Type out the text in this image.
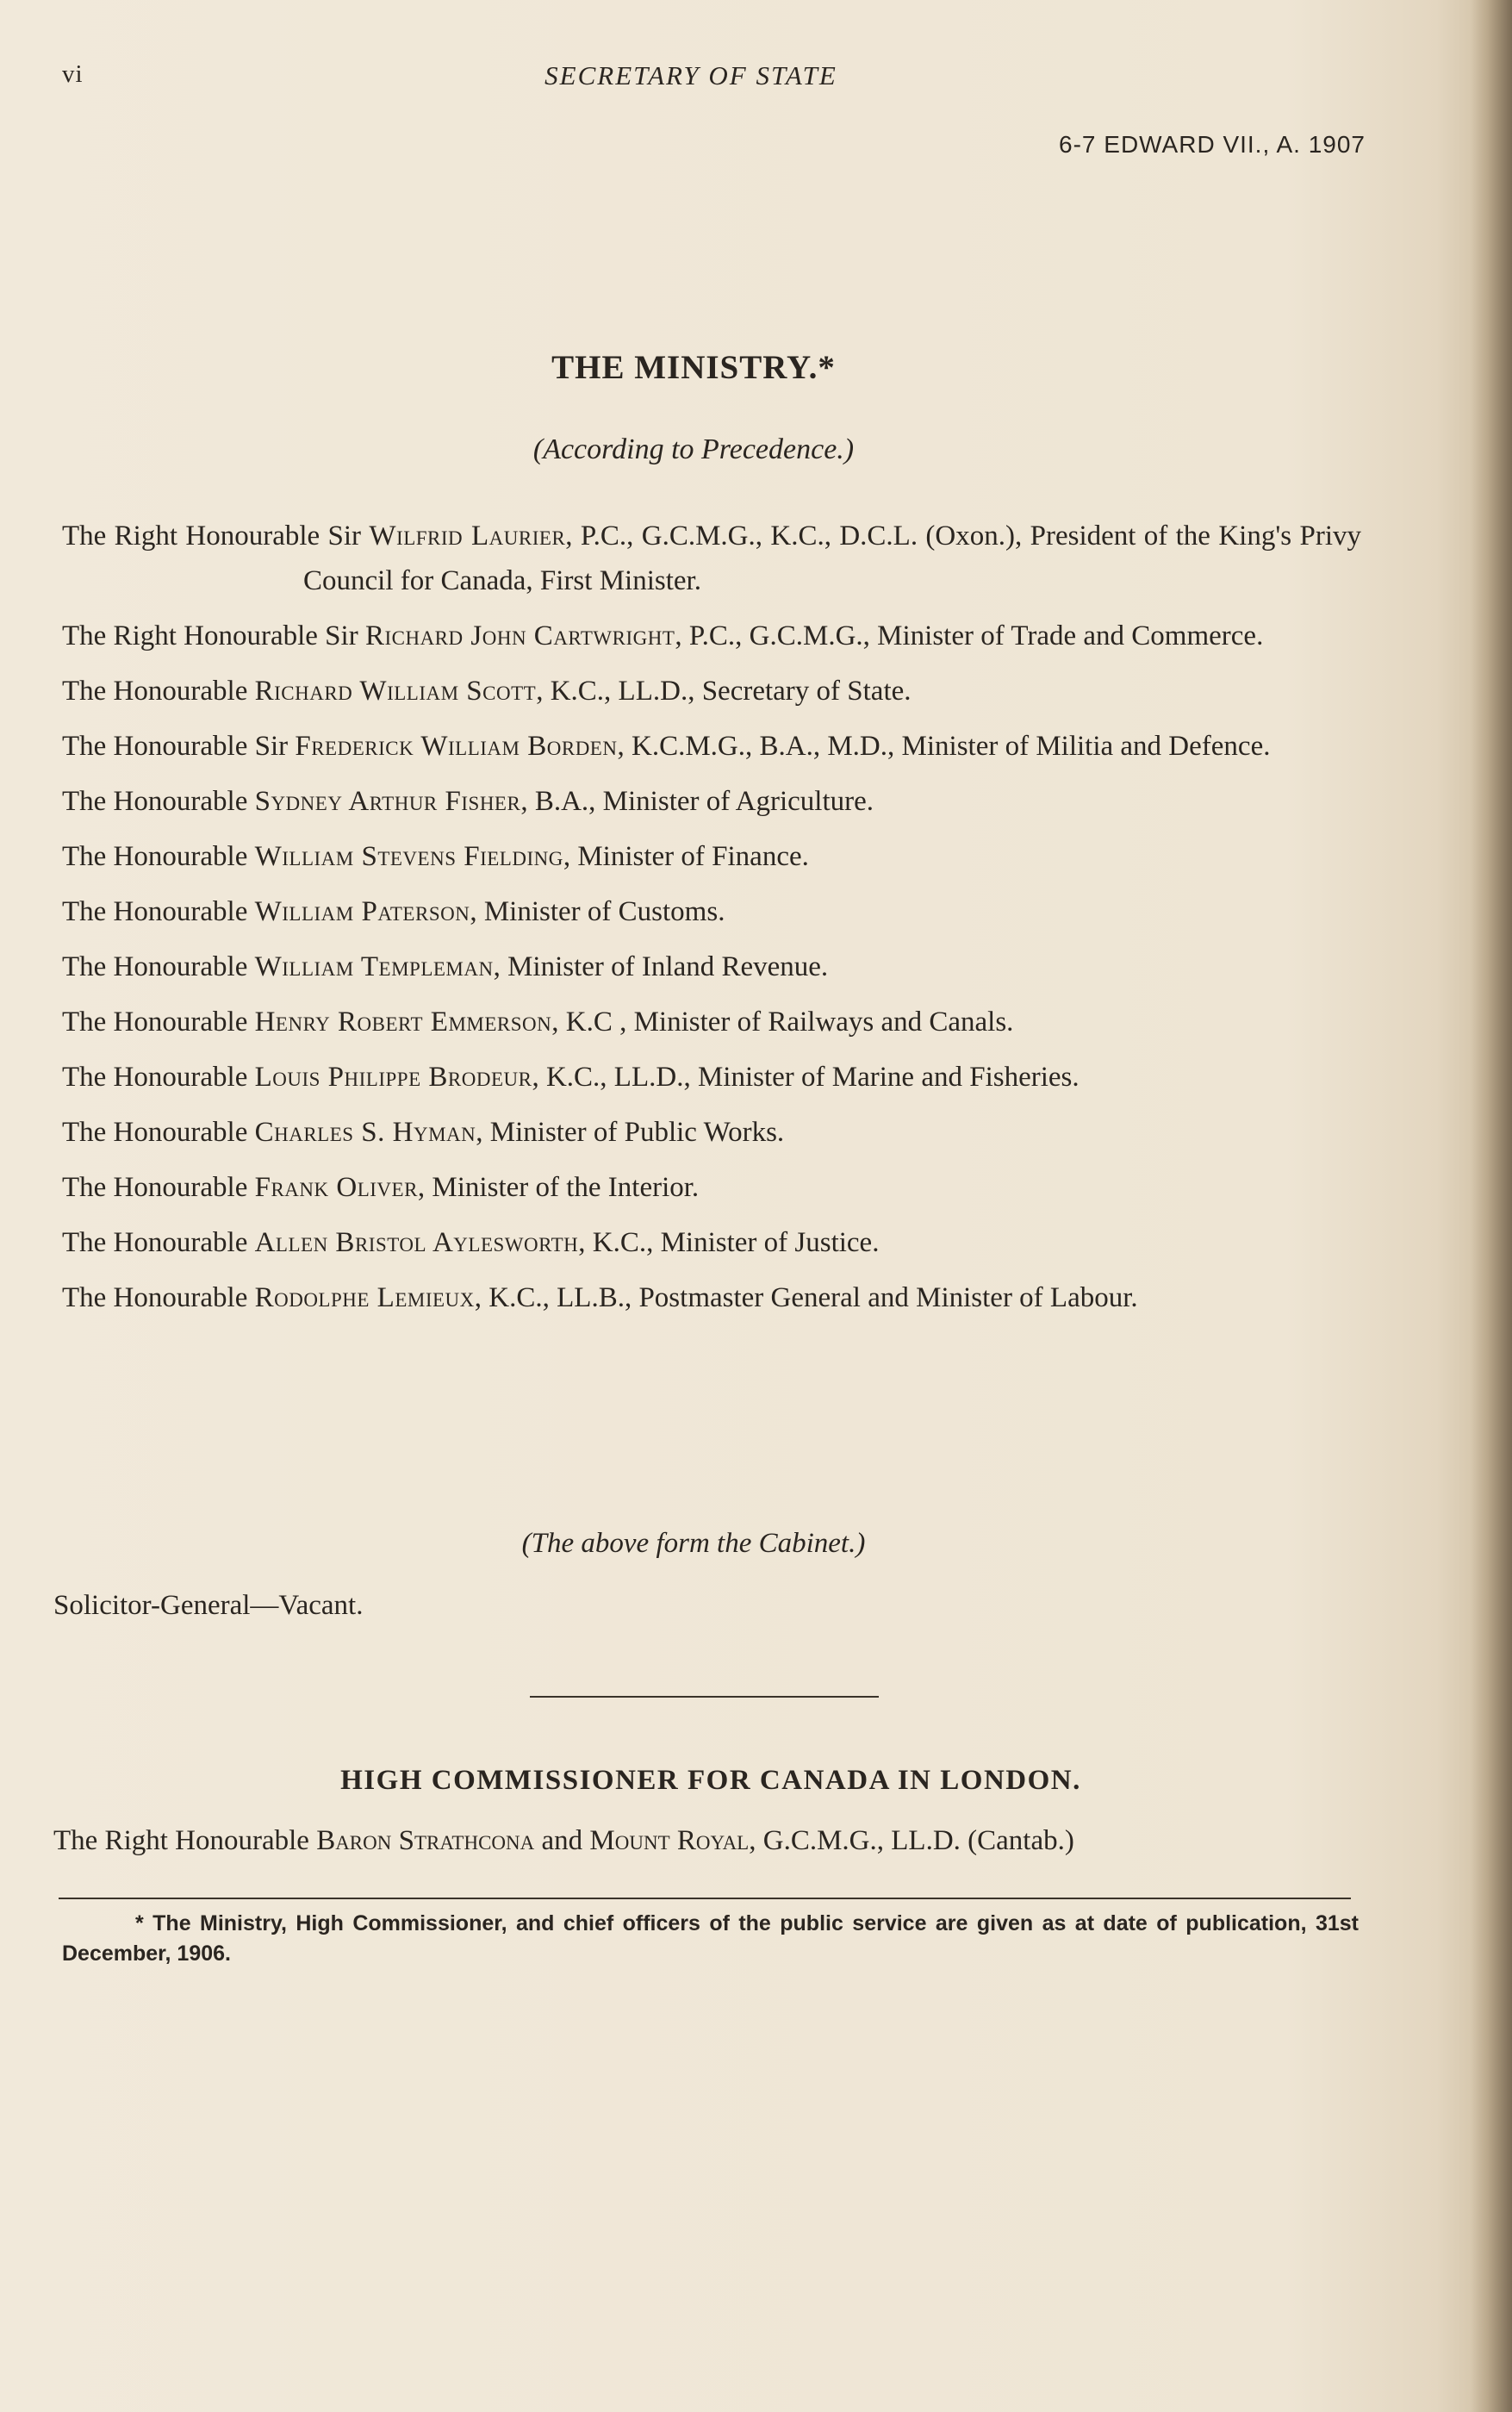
vi	SECRETARY OF STATE
6-7 EDWARD VII., A. 1907
THE MINISTRY.*
(According to Precedence.)
The Right Honourable Sir Wilfrid Laurier, P.C., G.C.M.G., K.C., D.C.L. (Oxon.), President of the King's Privy Council for Canada, First Minister.
The Right Honourable Sir Richard John Cartwright, P.C., G.C.M.G., Minister of Trade and Commerce.
The Honourable Richard William Scott, K.C., LL.D., Secretary of State.
The Honourable Sir Frederick William Borden, K.C.M.G., B.A., M.D., Minister of Militia and Defence.
The Honourable Sydney Arthur Fisher, B.A., Minister of Agriculture.
The Honourable William Stevens Fielding, Minister of Finance.
The Honourable William Paterson, Minister of Customs.
The Honourable William Templeman, Minister of Inland Revenue.
The Honourable Henry Robert Emmerson, K.C , Minister of Railways and Canals.
The Honourable Louis Philippe Brodeur, K.C., LL.D., Minister of Marine and Fisheries.
The Honourable Charles S. Hyman, Minister of Public Works.
The Honourable Frank Oliver, Minister of the Interior.
The Honourable Allen Bristol Aylesworth, K.C., Minister of Justice.
The Honourable Rodolphe Lemieux, K.C., LL.B., Postmaster General and Minister of Labour.
(The above form the Cabinet.)
Solicitor-General—Vacant.
HIGH COMMISSIONER FOR CANADA IN LONDON.
The Right Honourable Baron Strathcona and Mount Royal, G.C.M.G., LL.D. (Cantab.)
* The Ministry, High Commissioner, and chief officers of the public service are given as at date of publication, 31st December, 1906.
